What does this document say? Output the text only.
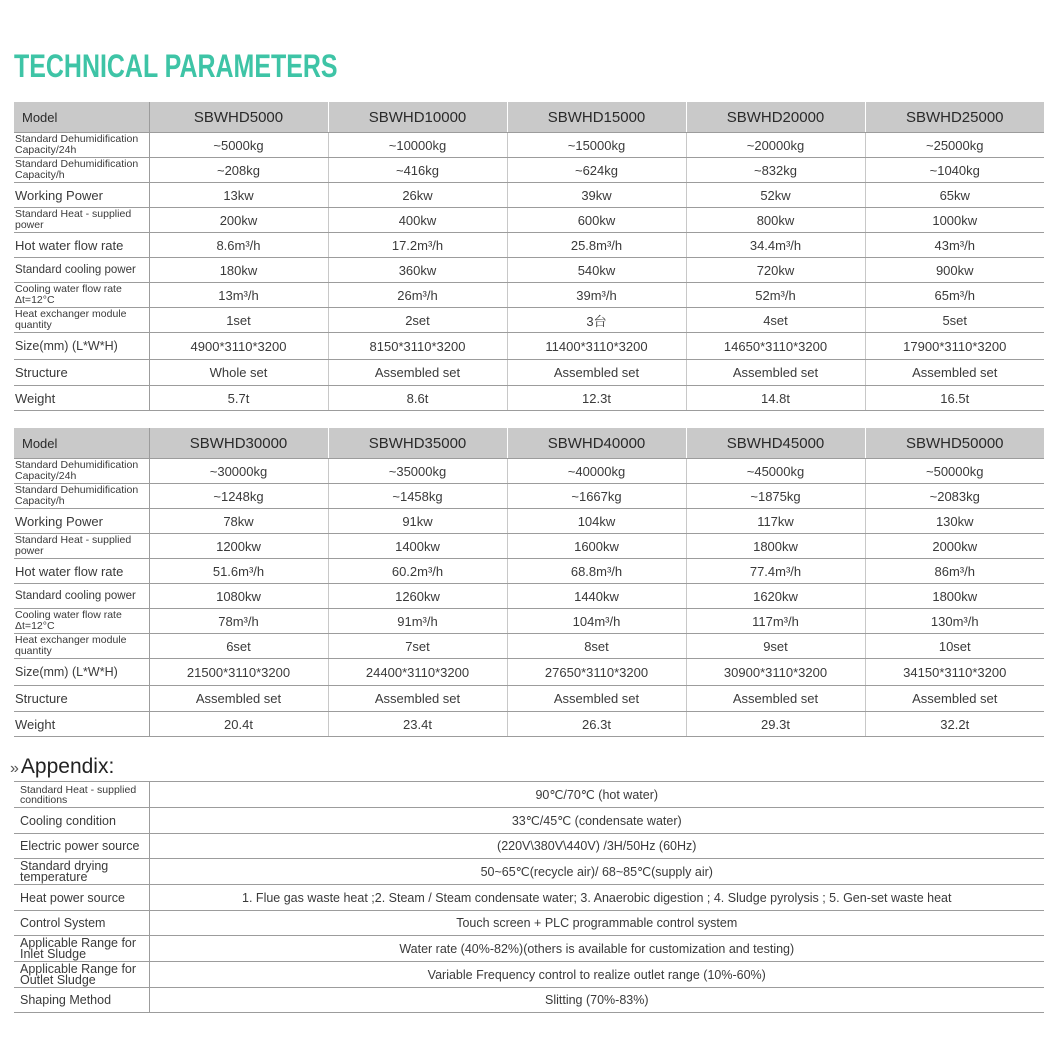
TECHNICAL PARAMETERS
Model	SBWHD5000	SBWHD10000	SBWHD15000	SBWHD20000	SBWHD25000
Standard Dehumidification Capacity/24h	~5000kg	~10000kg	~15000kg	~20000kg	~25000kg
Standard Dehumidification Capacity/h	~208kg	~416kg	~624kg	~832kg	~1040kg
Working Power	13kw	26kw	39kw	52kw	65kw
Standard Heat - supplied power	200kw	400kw	600kw	800kw	1000kw
Hot water flow rate	8.6m³/h	17.2m³/h	25.8m³/h	34.4m³/h	43m³/h
Standard cooling power	180kw	360kw	540kw	720kw	900kw
Cooling water flow rate Δt=12°C	13m³/h	26m³/h	39m³/h	52m³/h	65m³/h
Heat exchanger module quantity	1set	2set	3台	4set	5set
Size(mm) (L*W*H)	4900*3110*3200	8150*3110*3200	11400*3110*3200	14650*3110*3200	17900*3110*3200
Structure	Whole set	Assembled set	Assembled set	Assembled set	Assembled set
Weight	5.7t	8.6t	12.3t	14.8t	16.5t
Model	SBWHD30000	SBWHD35000	SBWHD40000	SBWHD45000	SBWHD50000
Standard Dehumidification Capacity/24h	~30000kg	~35000kg	~40000kg	~45000kg	~50000kg
Standard Dehumidification Capacity/h	~1248kg	~1458kg	~1667kg	~1875kg	~2083kg
Working Power	78kw	91kw	104kw	117kw	130kw
Standard Heat - supplied power	1200kw	1400kw	1600kw	1800kw	2000kw
Hot water flow rate	51.6m³/h	60.2m³/h	68.8m³/h	77.4m³/h	86m³/h
Standard cooling power	1080kw	1260kw	1440kw	1620kw	1800kw
Cooling water flow rate Δt=12°C	78m³/h	91m³/h	104m³/h	117m³/h	130m³/h
Heat exchanger module quantity	6set	7set	8set	9set	10set
Size(mm) (L*W*H)	21500*3110*3200	24400*3110*3200	27650*3110*3200	30900*3110*3200	34150*3110*3200
Structure	Assembled set	Assembled set	Assembled set	Assembled set	Assembled set
Weight	20.4t	23.4t	26.3t	29.3t	32.2t
»Appendix:
Standard Heat - supplied conditions	90℃/70℃ (hot water)
Cooling condition	33℃/45℃ (condensate water)
Electric power source	(220V\380V\440V) /3H/50Hz (60Hz)
Standard drying temperature	50~65℃(recycle air)/ 68~85℃(supply air)
Heat power source	1. Flue gas waste heat ;2. Steam / Steam condensate water; 3. Anaerobic digestion ; 4. Sludge pyrolysis ; 5. Gen-set waste heat
Control System	Touch screen + PLC programmable control system
Applicable Range for Inlet Sludge	Water rate (40%-82%)(others is available for customization and testing)
Applicable Range for Outlet Sludge	Variable Frequency control to realize outlet range (10%-60%)
Shaping Method	Slitting (70%-83%)
